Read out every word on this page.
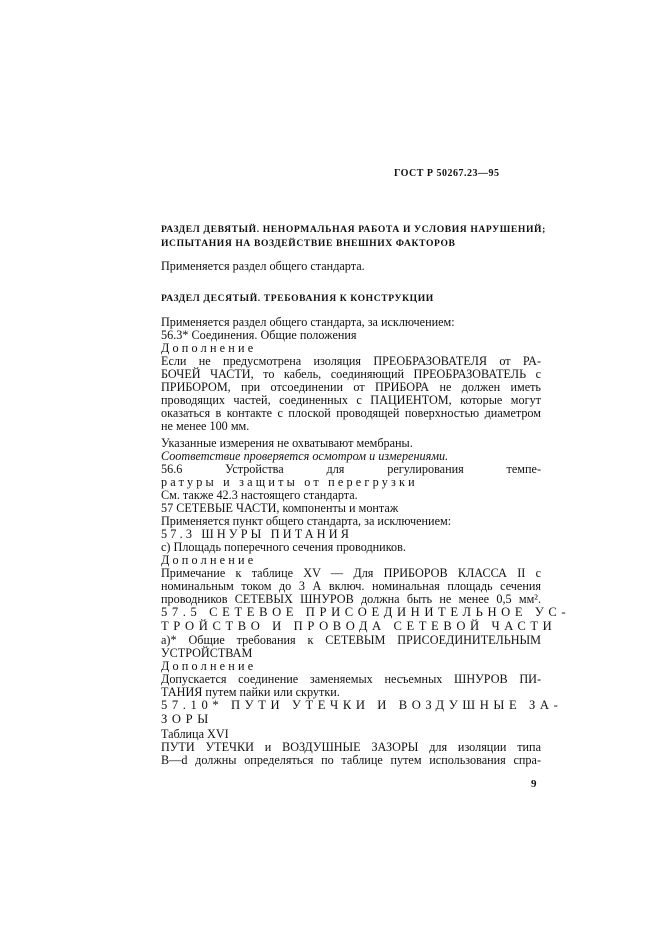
ГОСТ Р 50267.23—95
РАЗДЕЛ ДЕВЯТЫЙ. НЕНОРМАЛЬНАЯ РАБОТА И УСЛОВИЯ НАРУШЕНИЙ;
ИСПЫТАНИЯ НА ВОЗДЕЙСТВИЕ ВНЕШНИХ ФАКТОРОВ
Применяется раздел общего стандарта.
РАЗДЕЛ ДЕСЯТЫЙ. ТРЕБОВАНИЯ К КОНСТРУКЦИИ
Применяется раздел общего стандарта, за исключением:
56.3* Соединения. Общие положения
Дополнение
Если не предусмотрена изоляция ПРЕОБРАЗОВАТЕЛЯ от РА-
БОЧЕЙ ЧАСТИ, то кабель, соединяющий ПРЕОБРАЗОВАТЕЛЬ с
ПРИБОРОМ, при отсоединении от ПРИБОРА не должен иметь
проводящих частей, соединенных с ПАЦИЕНТОМ, которые могут
оказаться в контакте с плоской проводящей поверхностью диаметром
не менее 100 мм.
Указанные измерения не охватывают мембраны.
Соответствие проверяется осмотром и измерениями.
56.6 Устройства для регулирования темпе-
ратуры и защиты от перегрузки
См. также 42.3 настоящего стандарта.
57 СЕТЕВЫЕ ЧАСТИ, компоненты и монтаж
Применяется пункт общего стандарта, за исключением:
57.3 ШНУРЫ ПИТАНИЯ
с) Площадь поперечного сечения проводников.
Дополнение
Примечание к таблице XV — Для ПРИБОРОВ КЛАССА II с
номинальным током до 3 А включ. номинальная площадь сечения
проводников СЕТЕВЫХ ШНУРОВ должна быть не менее 0,5 мм².
57.5 СЕТЕВОЕ ПРИСОЕДИНИТЕЛЬНОЕ УС-
ТРОЙСТВО И ПРОВОДА СЕТЕВОЙ ЧАСТИ
а)* Общие требования к СЕТЕВЫМ ПРИСОЕДИНИТЕЛЬНЫМ
УСТРОЙСТВАМ
Дополнение
Допускается соединение заменяемых несъемных ШНУРОВ ПИ-
ТАНИЯ путем пайки или скрутки.
57.10* ПУТИ УТЕЧКИ И ВОЗДУШНЫЕ ЗА-
ЗОРЫ
Таблица XVI
ПУТИ УТЕЧКИ и ВОЗДУШНЫЕ ЗАЗОРЫ для изоляции типа
В—d должны определяться по таблице путем использования спра-
9
